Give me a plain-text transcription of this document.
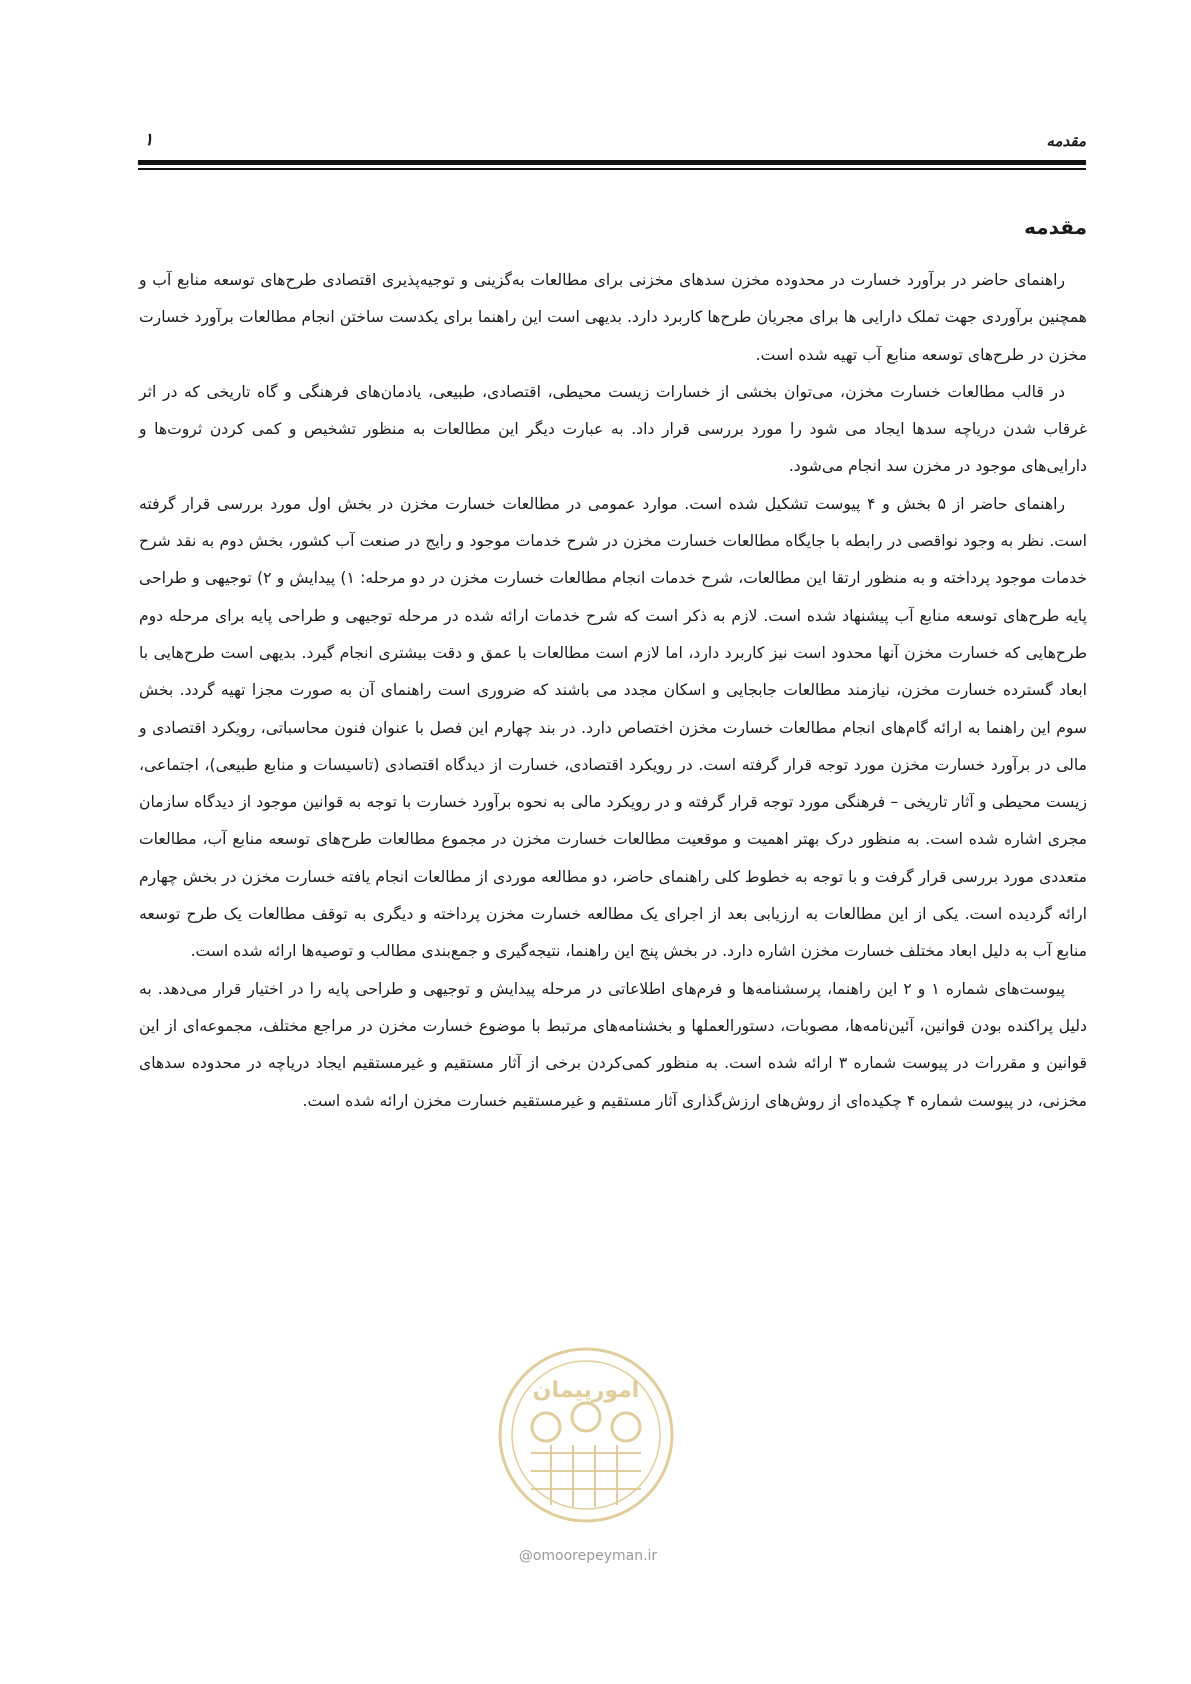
مقدمه
۱
مقدمه

راهنمای حاضر در برآورد خسارت در محدوده مخزن سدهای مخزنی برای مطالعات به‌گزینی و توجیه‌پذیری اقتصادی طرح‌های توسعه منابع آب و همچنین برآوردی جهت تملک دارایی ها برای مجریان طرح‌ها کاربرد دارد. بدیهی است این راهنما برای یکدست ساختن انجام مطالعات برآورد خسارت مخزن در طرح‌های توسعه منابع آب تهیه شده است.

در قالب مطالعات خسارت مخزن، می‌توان بخشی از خسارات زیست محیطی، اقتصادی، طبیعی، یادمان‌های فرهنگی و گاه تاریخی که در اثر غرقاب شدن دریاچه سدها ایجاد می شود را مورد بررسی قرار داد. به عبارت دیگر این مطالعات به منظور تشخیص و کمی کردن ثروت‌ها و دارایی‌های موجود در مخزن سد انجام می‌شود.

راهنمای حاضر از ۵ بخش و ۴ پیوست تشکیل شده است. موارد عمومی در مطالعات خسارت مخزن در بخش اول مورد بررسی قرار گرفته است. نظر به وجود نواقصی در رابطه با جایگاه مطالعات خسارت مخزن در شرح خدمات موجود و رایج در صنعت آب کشور، بخش دوم به نقد شرح خدمات موجود پرداخته و به منظور ارتقا این مطالعات، شرح خدمات انجام مطالعات خسارت مخزن در دو مرحله: ۱) پیدایش و ۲) توجیهی و طراحی پایه طرح‌های توسعه منابع آب پیشنهاد شده است. لازم به ذکر است که شرح خدمات ارائه شده در مرحله توجیهی و طراحی پایه برای مرحله دوم طرح‌هایی که خسارت مخزن آنها محدود است نیز کاربرد دارد، اما لازم است مطالعات با عمق و دقت بیشتری انجام گیرد. بدیهی است طرح‌هایی با ابعاد گسترده خسارت مخزن، نیازمند مطالعات جابجایی و اسکان مجدد می باشند که ضروری است راهنمای آن به صورت مجزا تهیه گردد. بخش سوم این راهنما به ارائه گام‌های انجام مطالعات خسارت مخزن اختصاص دارد. در بند چهارم این فصل با عنوان فنون محاسباتی، رویکرد اقتصادی و مالی در برآورد خسارت مخزن مورد توجه قرار گرفته است. در رویکرد اقتصادی، خسارت از دیدگاه اقتصادی (تاسیسات و منابع طبیعی)، اجتماعی، زیست محیطی و آثار تاریخی – فرهنگی مورد توجه قرار گرفته و در رویکرد مالی به نحوه برآورد خسارت با توجه به قوانین موجود از دیدگاه سازمان مجری اشاره شده است. به منظور درک بهتر اهمیت و موقعیت مطالعات خسارت مخزن در مجموع مطالعات طرح‌های توسعه منابع آب، مطالعات متعددی مورد بررسی قرار گرفت و با توجه به خطوط کلی راهنمای حاضر، دو مطالعه موردی از مطالعات انجام یافته خسارت مخزن در بخش چهارم ارائه گردیده است. یکی از این مطالعات به ارزیابی بعد از اجرای یک مطالعه خسارت مخزن پرداخته و دیگری به توقف مطالعات یک طرح توسعه منابع آب به دلیل ابعاد مختلف خسارت مخزن اشاره دارد. در بخش پنج این راهنما، نتیجه‌گیری و جمع‌بندی مطالب و توصیه‌ها ارائه شده است.

پیوست‌های شماره ۱ و ۲ این راهنما، پرسشنامه‌ها و فرم‌های اطلاعاتی در مرحله پیدایش و توجیهی و طراحی پایه را در اختیار قرار می‌دهد. به دلیل پراکنده بودن قوانین، آئین‌نامه‌ها، مصوبات، دستورالعملها و بخشنامه‌های مرتبط با موضوع خسارت مخزن در مراجع مختلف، مجموعه‌ای از این قوانین و مقررات در پیوست شماره ۳ ارائه شده است. به منظور کمی‌کردن برخی از آثار مستقیم و غیرمستقیم ایجاد دریاچه در محدوده سدهای مخزنی، در پیوست شماره ۴ چکیده‌ای از روش‌های ارزش‌گذاری آثار مستقیم و غیرمستقیم خسارت مخزن ارائه شده است.

امورپیمان
@omoorepeyman.ir
